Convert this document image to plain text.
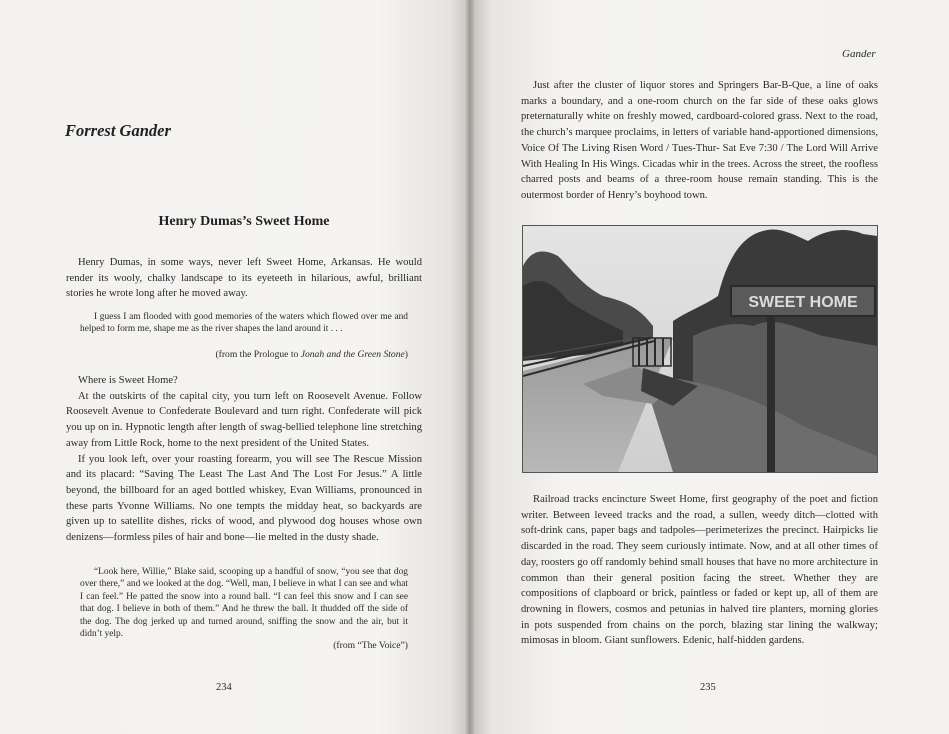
Forrest Gander
Henry Dumas’s Sweet Home

Henry Dumas, in some ways, never left Sweet Home, Arkansas. He would render its wooly, chalky landscape to its eyeteeth in hilarious, awful, brilliant stories he wrote long after he moved away.

I guess I am flooded with good memories of the waters which flowed over me and helped to form me, shape me as the river shapes the land around it . . .

(from the Prologue to Jonah and the Green Stone)

Where is Sweet Home?

At the outskirts of the capital city, you turn left on Roosevelt Avenue. Follow Roosevelt Avenue to Confederate Boulevard and turn right. Confederate will pick you up on in. Hypnotic length after length of swag-bellied telephone line stretching away from Little Rock, home to the next president of the United States.

If you look left, over your roasting forearm, you will see The Rescue Mission and its placard: “Saving The Least The Last And The Lost For Jesus.” A little beyond, the billboard for an aged bottled whiskey, Evan Williams, pronounced in these parts Yvonne Williams. No one tempts the midday heat, so backyards are given up to satellite dishes, ricks of wood, and plywood dog houses whose own denizens—formless piles of hair and bone—lie melted in the dusty shade.

“Look here, Willie,” Blake said, scooping up a handful of snow, “you see that dog over there,” and we looked at the dog. “Well, man, I believe in what I can see and what I can feel.” He patted the snow into a round ball. “I can feel this snow and I can see that dog. I believe in both of them.” And he threw the ball. It thudded off the side of the dog. The dog jerked up and turned around, sniffing the snow and the air, but it didn’t yelp.

(from “The Voice”)
234
Gander

Just after the cluster of liquor stores and Springers Bar-B-Que, a line of oaks marks a boundary, and a one-room church on the far side of these oaks glows preternaturally white on freshly mowed, cardboard-colored grass. Next to the road, the church’s marquee proclaims, in letters of variable hand-apportioned dimensions, Voice Of The Living Risen Word / Tues-Thur- Sat Eve 7:30 / The Lord Will Arrive With Healing In His Wings. Cicadas whir in the trees. Across the street, the roofless charred posts and beams of a three-room house remain standing. This is the outermost border of Henry’s boyhood town.

SWEET HOME

Railroad tracks encincture Sweet Home, first geography of the poet and fiction writer. Between leveed tracks and the road, a sullen, weedy ditch—clotted with soft-drink cans, paper bags and tadpoles—perimeterizes the precinct. Hairpicks lie discarded in the road. They seem curiously intimate. Now, and at all other times of day, roosters go off randomly behind small houses that have no more architecture in common than their general position facing the street. Whether they are compositions of clapboard or brick, paintless or faded or kept up, all of them are drowning in flowers, cosmos and petunias in halved tire planters, morning glories in pots suspended from chains on the porch, blazing star lining the walkway; mimosas in bloom. Giant sunflowers. Edenic, half-hidden gardens.

235
